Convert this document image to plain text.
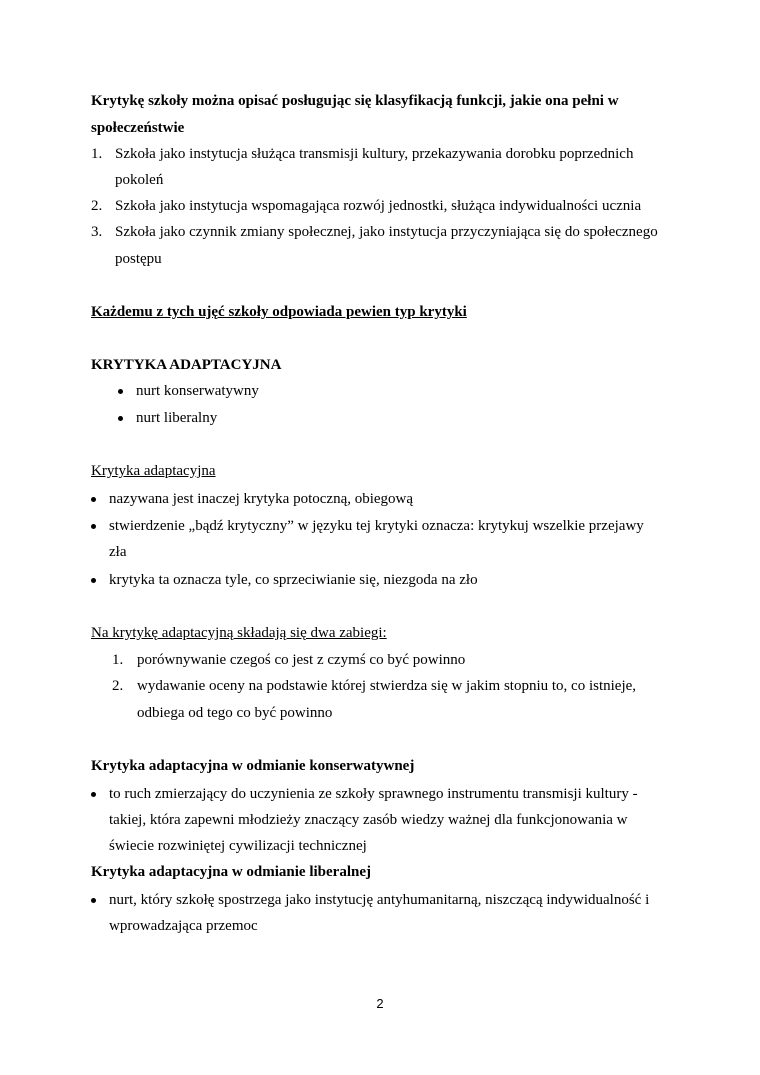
Krytykę szkoły można opisać posługując się klasyfikacją funkcji, jakie ona pełni w
społeczeństwie
1. Szkoła jako instytucja służąca transmisji kultury, przekazywania dorobku poprzednich
pokoleń
2. Szkoła jako instytucja wspomagająca rozwój jednostki, służąca indywidualności ucznia
3. Szkoła jako czynnik zmiany społecznej, jako instytucja przyczyniająca się do społecznego
postępu
Każdemu z tych ujęć szkoły odpowiada pewien typ krytyki
KRYTYKA ADAPTACYJNA
nurt konserwatywny
nurt liberalny
Krytyka adaptacyjna
nazywana jest inaczej krytyka potoczną, obiegową
stwierdzenie „bądź krytyczny” w języku tej krytyki oznacza: krytykuj wszelkie przejawy
zła
krytyka ta oznacza tyle, co sprzeciwianie się, niezgoda na zło
Na krytykę adaptacyjną składają się dwa zabiegi:
1. porównywanie czegoś co jest z czymś co być powinno
2. wydawanie oceny na podstawie której stwierdza się w jakim stopniu to, co istnieje,
odbiega od tego co być powinno
Krytyka adaptacyjna w odmianie konserwatywnej
to ruch zmierzający do uczynienia ze szkoły sprawnego instrumentu transmisji kultury -
takiej, która zapewni młodzieży znaczący zasób wiedzy ważnej dla funkcjonowania w
świecie rozwiniętej cywilizacji technicznej
Krytyka adaptacyjna w odmianie liberalnej
nurt, który szkołę spostrzega jako instytucję antyhumanitarną, niszczącą indywidualność i
wprowadzająca przemoc
2
